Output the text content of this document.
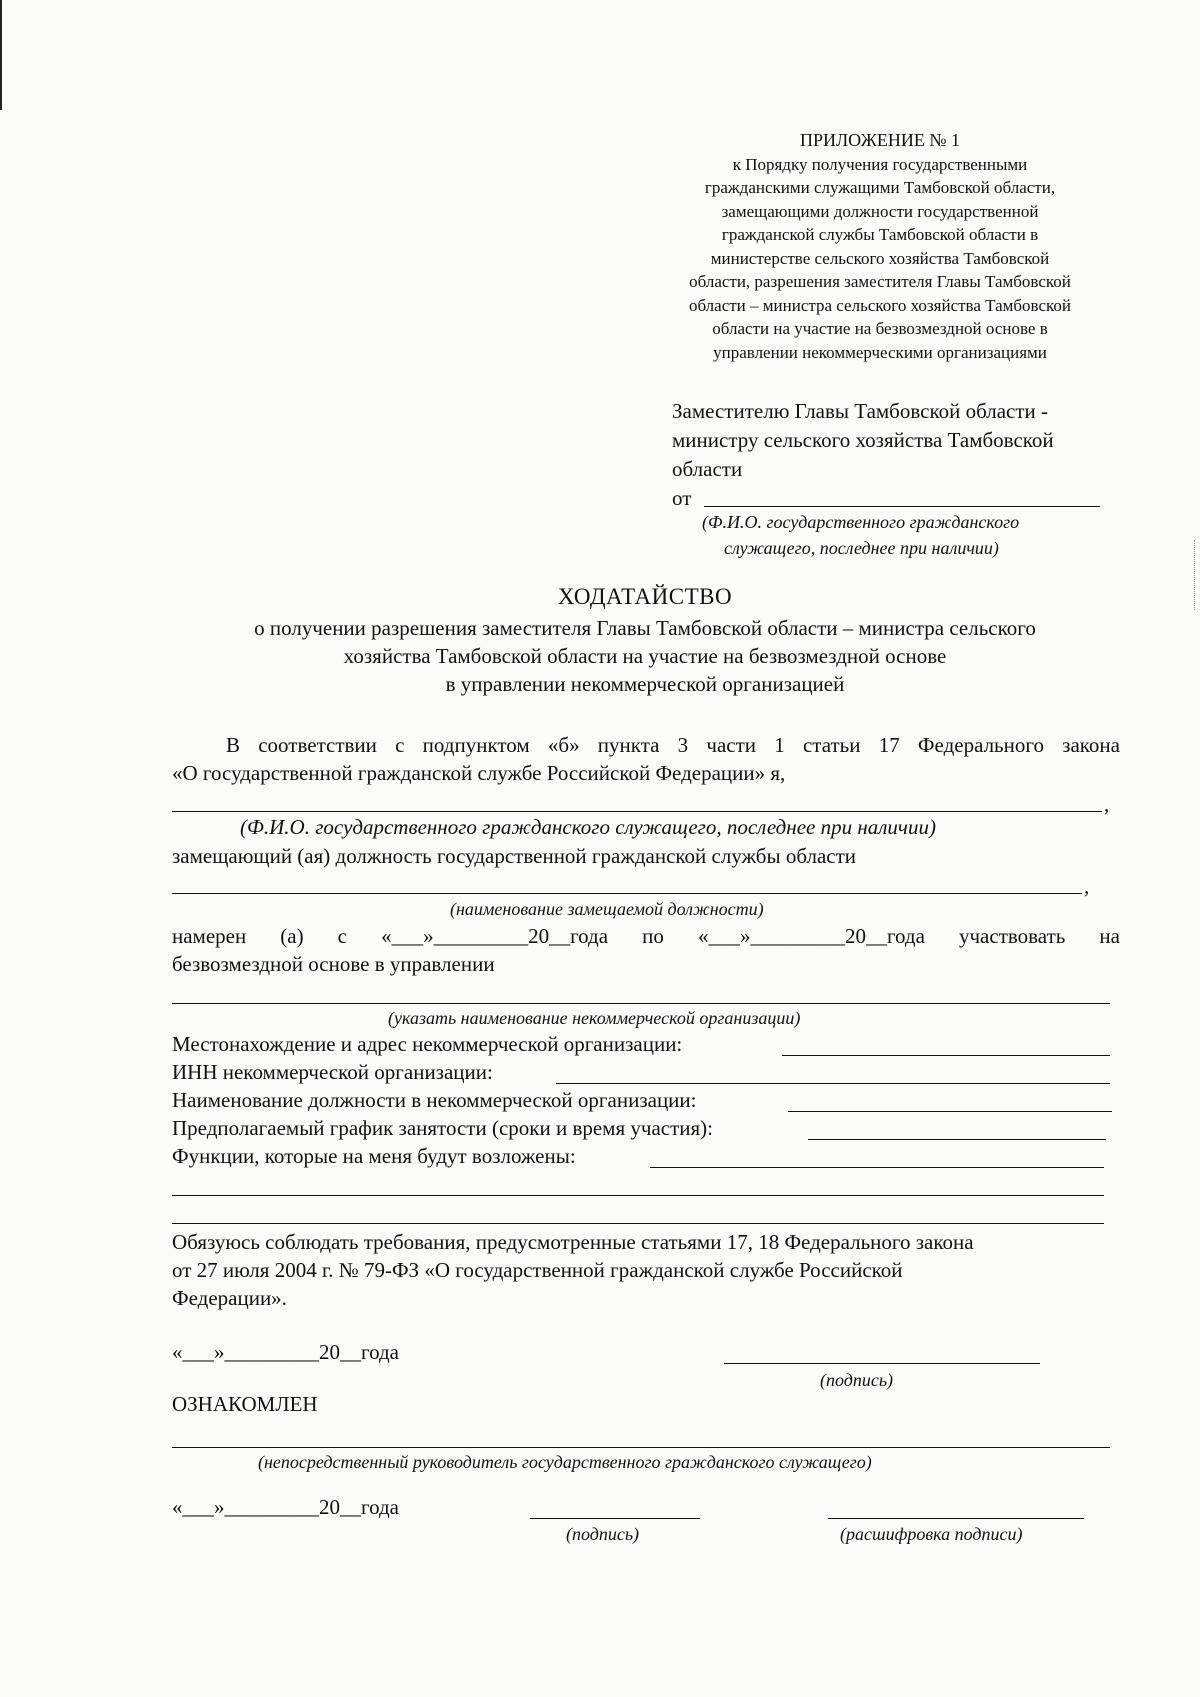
ПРИЛОЖЕНИЕ № 1
к Порядку получения государственными
гражданскими служащими Тамбовской области,
замещающими должности государственной
гражданской службы Тамбовской области в
министерстве сельского хозяйства Тамбовской
области, разрешения заместителя Главы Тамбовской
области – министра сельского хозяйства Тамбовской
области на участие на безвозмездной основе в
управлении некоммерческими организациями
Заместителю Главы Тамбовской области -
министру сельского хозяйства Тамбовской
области
от
(Ф.И.О. государственного гражданского
служащего, последнее при наличии)
ХОДАТАЙСТВО
о получении разрешения заместителя Главы Тамбовской области – министра сельского
хозяйства Тамбовской области на участие на безвозмездной основе
в управлении некоммерческой организацией
В соответствии с подпунктом «б» пункта 3 части 1 статьи 17 Федерального закона
«О государственной гражданской службе Российской Федерации» я,
,
(Ф.И.О. государственного гражданского служащего, последнее при наличии)
замещающий (ая) должность государственной гражданской службы области
,
(наименование замещаемой должности)
намерен (а) с «___»_________20__года по «___»_________20__года участвовать на
безвозмездной основе в управлении
(указать наименование некоммерческой организации)
Местонахождение и адрес некоммерческой организации:
ИНН некоммерческой организации:
Наименование должности в некоммерческой организации:
Предполагаемый график занятости (сроки и время участия):
Функции, которые на меня будут возложены:
Обязуюсь соблюдать требования, предусмотренные статьями 17, 18 Федерального закона
от 27 июля 2004 г. № 79-ФЗ «О государственной гражданской службе Российской
Федерации».
«___»_________20__года
(подпись)
ОЗНАКОМЛЕН
(непосредственный руководитель государственного гражданского служащего)
«___»_________20__года
(подпись)	(расшифровка подписи)
